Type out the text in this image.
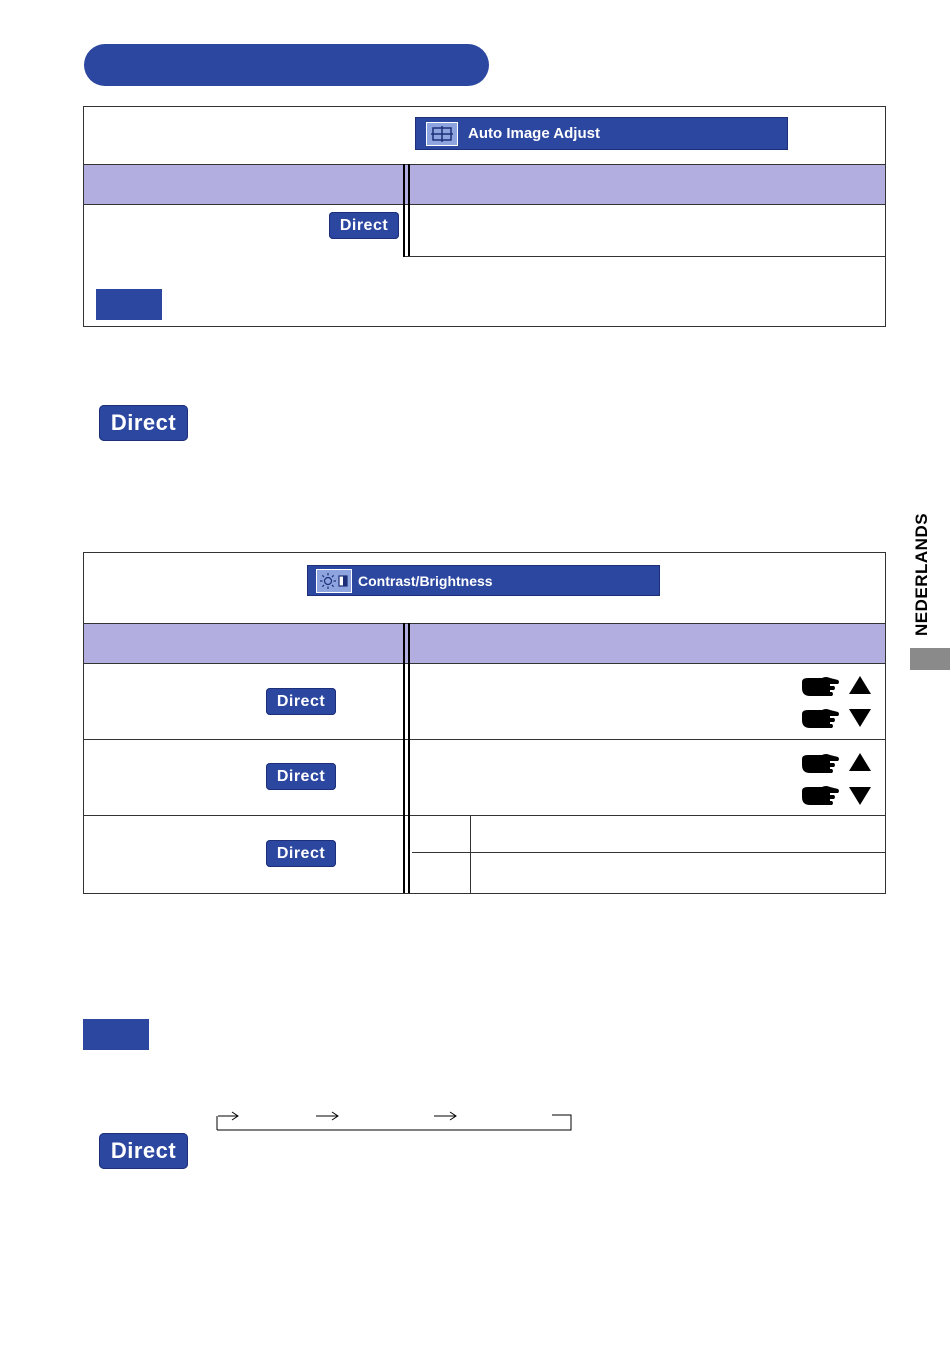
Auto Image Adjust
Direct
Direct
NEDERLANDS
Contrast/Brightness
Direct
Direct
Direct
Direct
